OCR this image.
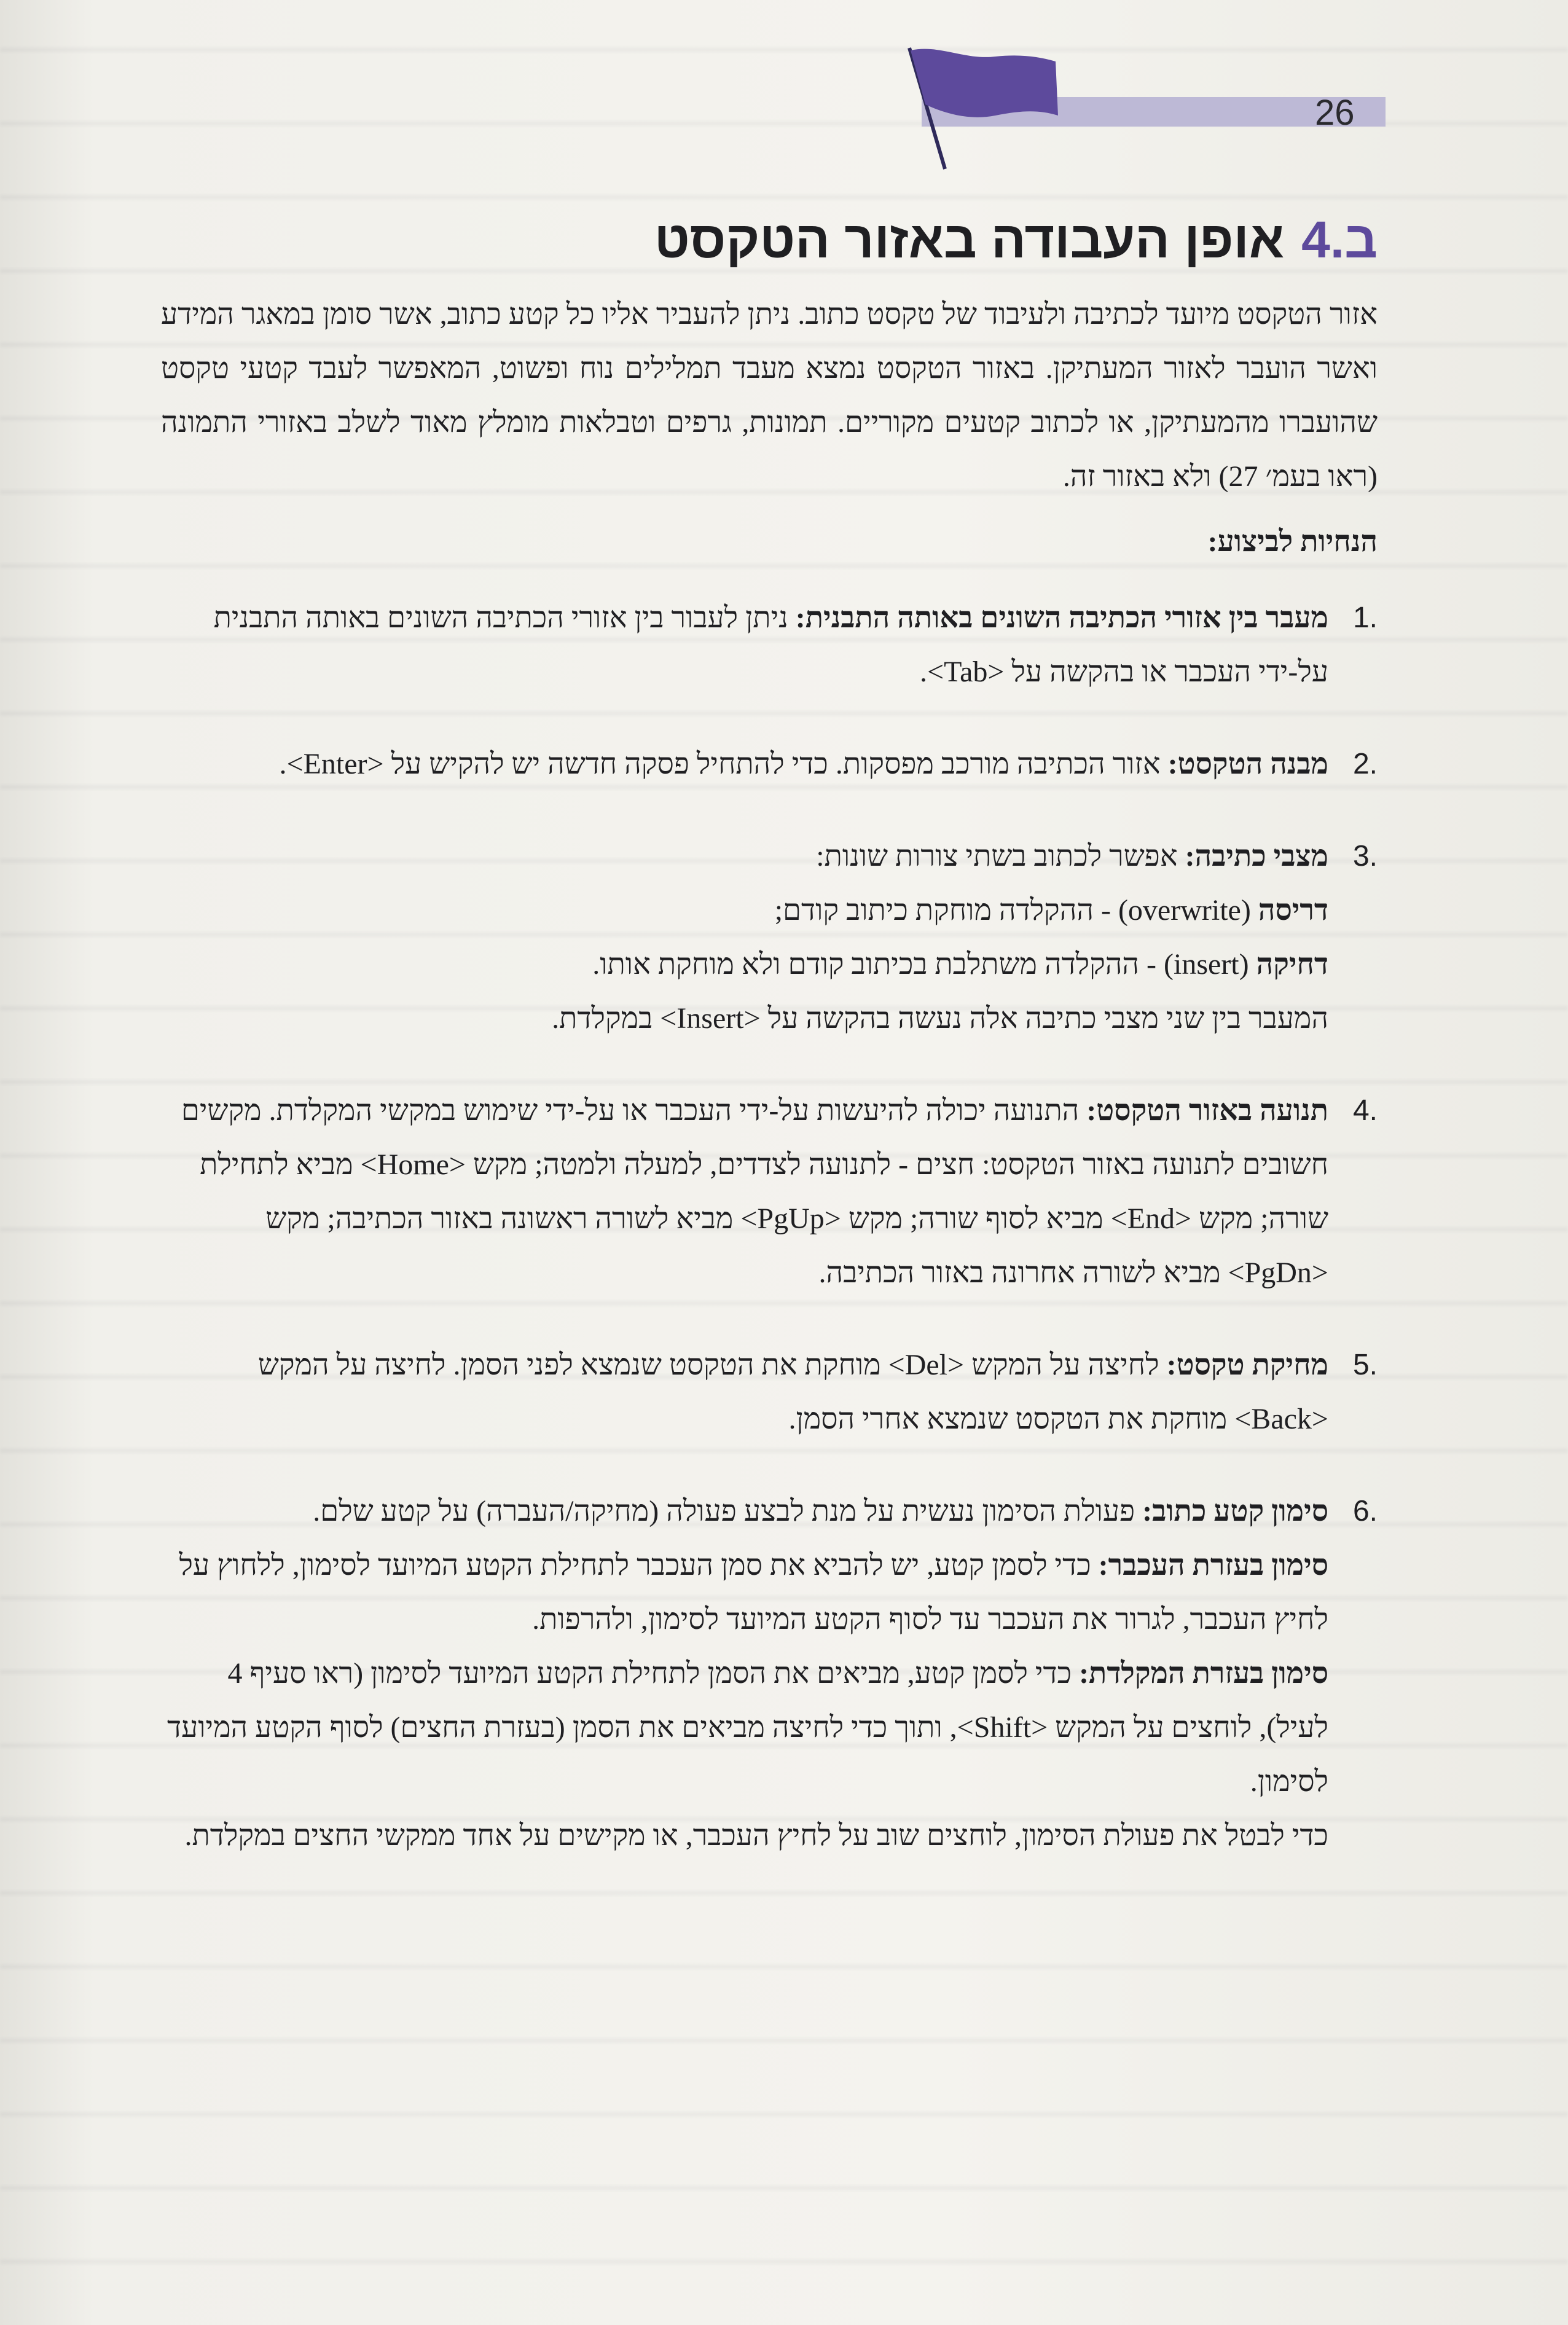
26
ב.4אופן העבודה באזור הטקסט

אזור הטקסט מיועד לכתיבה ולעיבוד של טקסט כתוב. ניתן להעביר אליו כל קטע כתוב, אשר סומן במאגר המידע ואשר הועבר לאזור המעתיקן. באזור הטקסט נמצא מעבד תמלילים נוח ופשוט, המאפשר לעבד קטעי טקסט שהועברו מהמעתיקן, או לכתוב קטעים מקוריים. תמונות, גרפים וטבלאות מומלץ מאוד לשלב באזורי התמונה (ראו בעמ׳ 27) ולא באזור זה.

הנחיות לביצוע:
.1
מעבר בין אזורי הכתיבה השונים באותה התבנית: ניתן לעבור בין אזורי הכתיבה השונים באותה התבנית על-ידי העכבר או בהקשה על <Tab>.
.2
מבנה הטקסט: אזור הכתיבה מורכב מפסקות. כדי להתחיל פסקה חדשה יש להקיש על <Enter>.
.3
מצבי כתיבה: אפשר לכתוב בשתי צורות שונות:
דריסה (overwrite) - ההקלדה מוחקת כיתוב קודם;
דחיקה (insert) - ההקלדה משתלבת בכיתוב קודם ולא מוחקת אותו.
המעבר בין שני מצבי כתיבה אלה נעשה בהקשה על <Insert> במקלדת.
.4
תנועה באזור הטקסט: התנועה יכולה להיעשות על-ידי העכבר או על-ידי שימוש במקשי המקלדת. מקשים חשובים לתנועה באזור הטקסט: חצים - לתנועה לצדדים, למעלה ולמטה; מקש <Home> מביא לתחילת שורה; מקש <End> מביא לסוף שורה; מקש <PgUp> מביא לשורה ראשונה באזור הכתיבה; מקש <PgDn> מביא לשורה אחרונה באזור הכתיבה.
.5
מחיקת טקסט: לחיצה על המקש <Del> מוחקת את הטקסט שנמצא לפני הסמן. לחיצה על המקש <Back> מוחקת את הטקסט שנמצא אחרי הסמן.
.6
סימון קטע כתוב: פעולת הסימון נעשית על מנת לבצע פעולה (מחיקה/העברה) על קטע שלם.
סימון בעזרת העכבר: כדי לסמן קטע, יש להביא את סמן העכבר לתחילת הקטע המיועד לסימון, ללחוץ על לחיץ העכבר, לגרור את העכבר עד לסוף הקטע המיועד לסימון, ולהרפות.
סימון בעזרת המקלדת: כדי לסמן קטע, מביאים את הסמן לתחילת הקטע המיועד לסימון (ראו סעיף 4 לעיל), לוחצים על המקש <Shift>, ותוך כדי לחיצה מביאים את הסמן (בעזרת החצים) לסוף הקטע המיועד לסימון.
כדי לבטל את פעולת הסימון, לוחצים שוב על לחיץ העכבר, או מקישים על אחד ממקשי החצים במקלדת.
